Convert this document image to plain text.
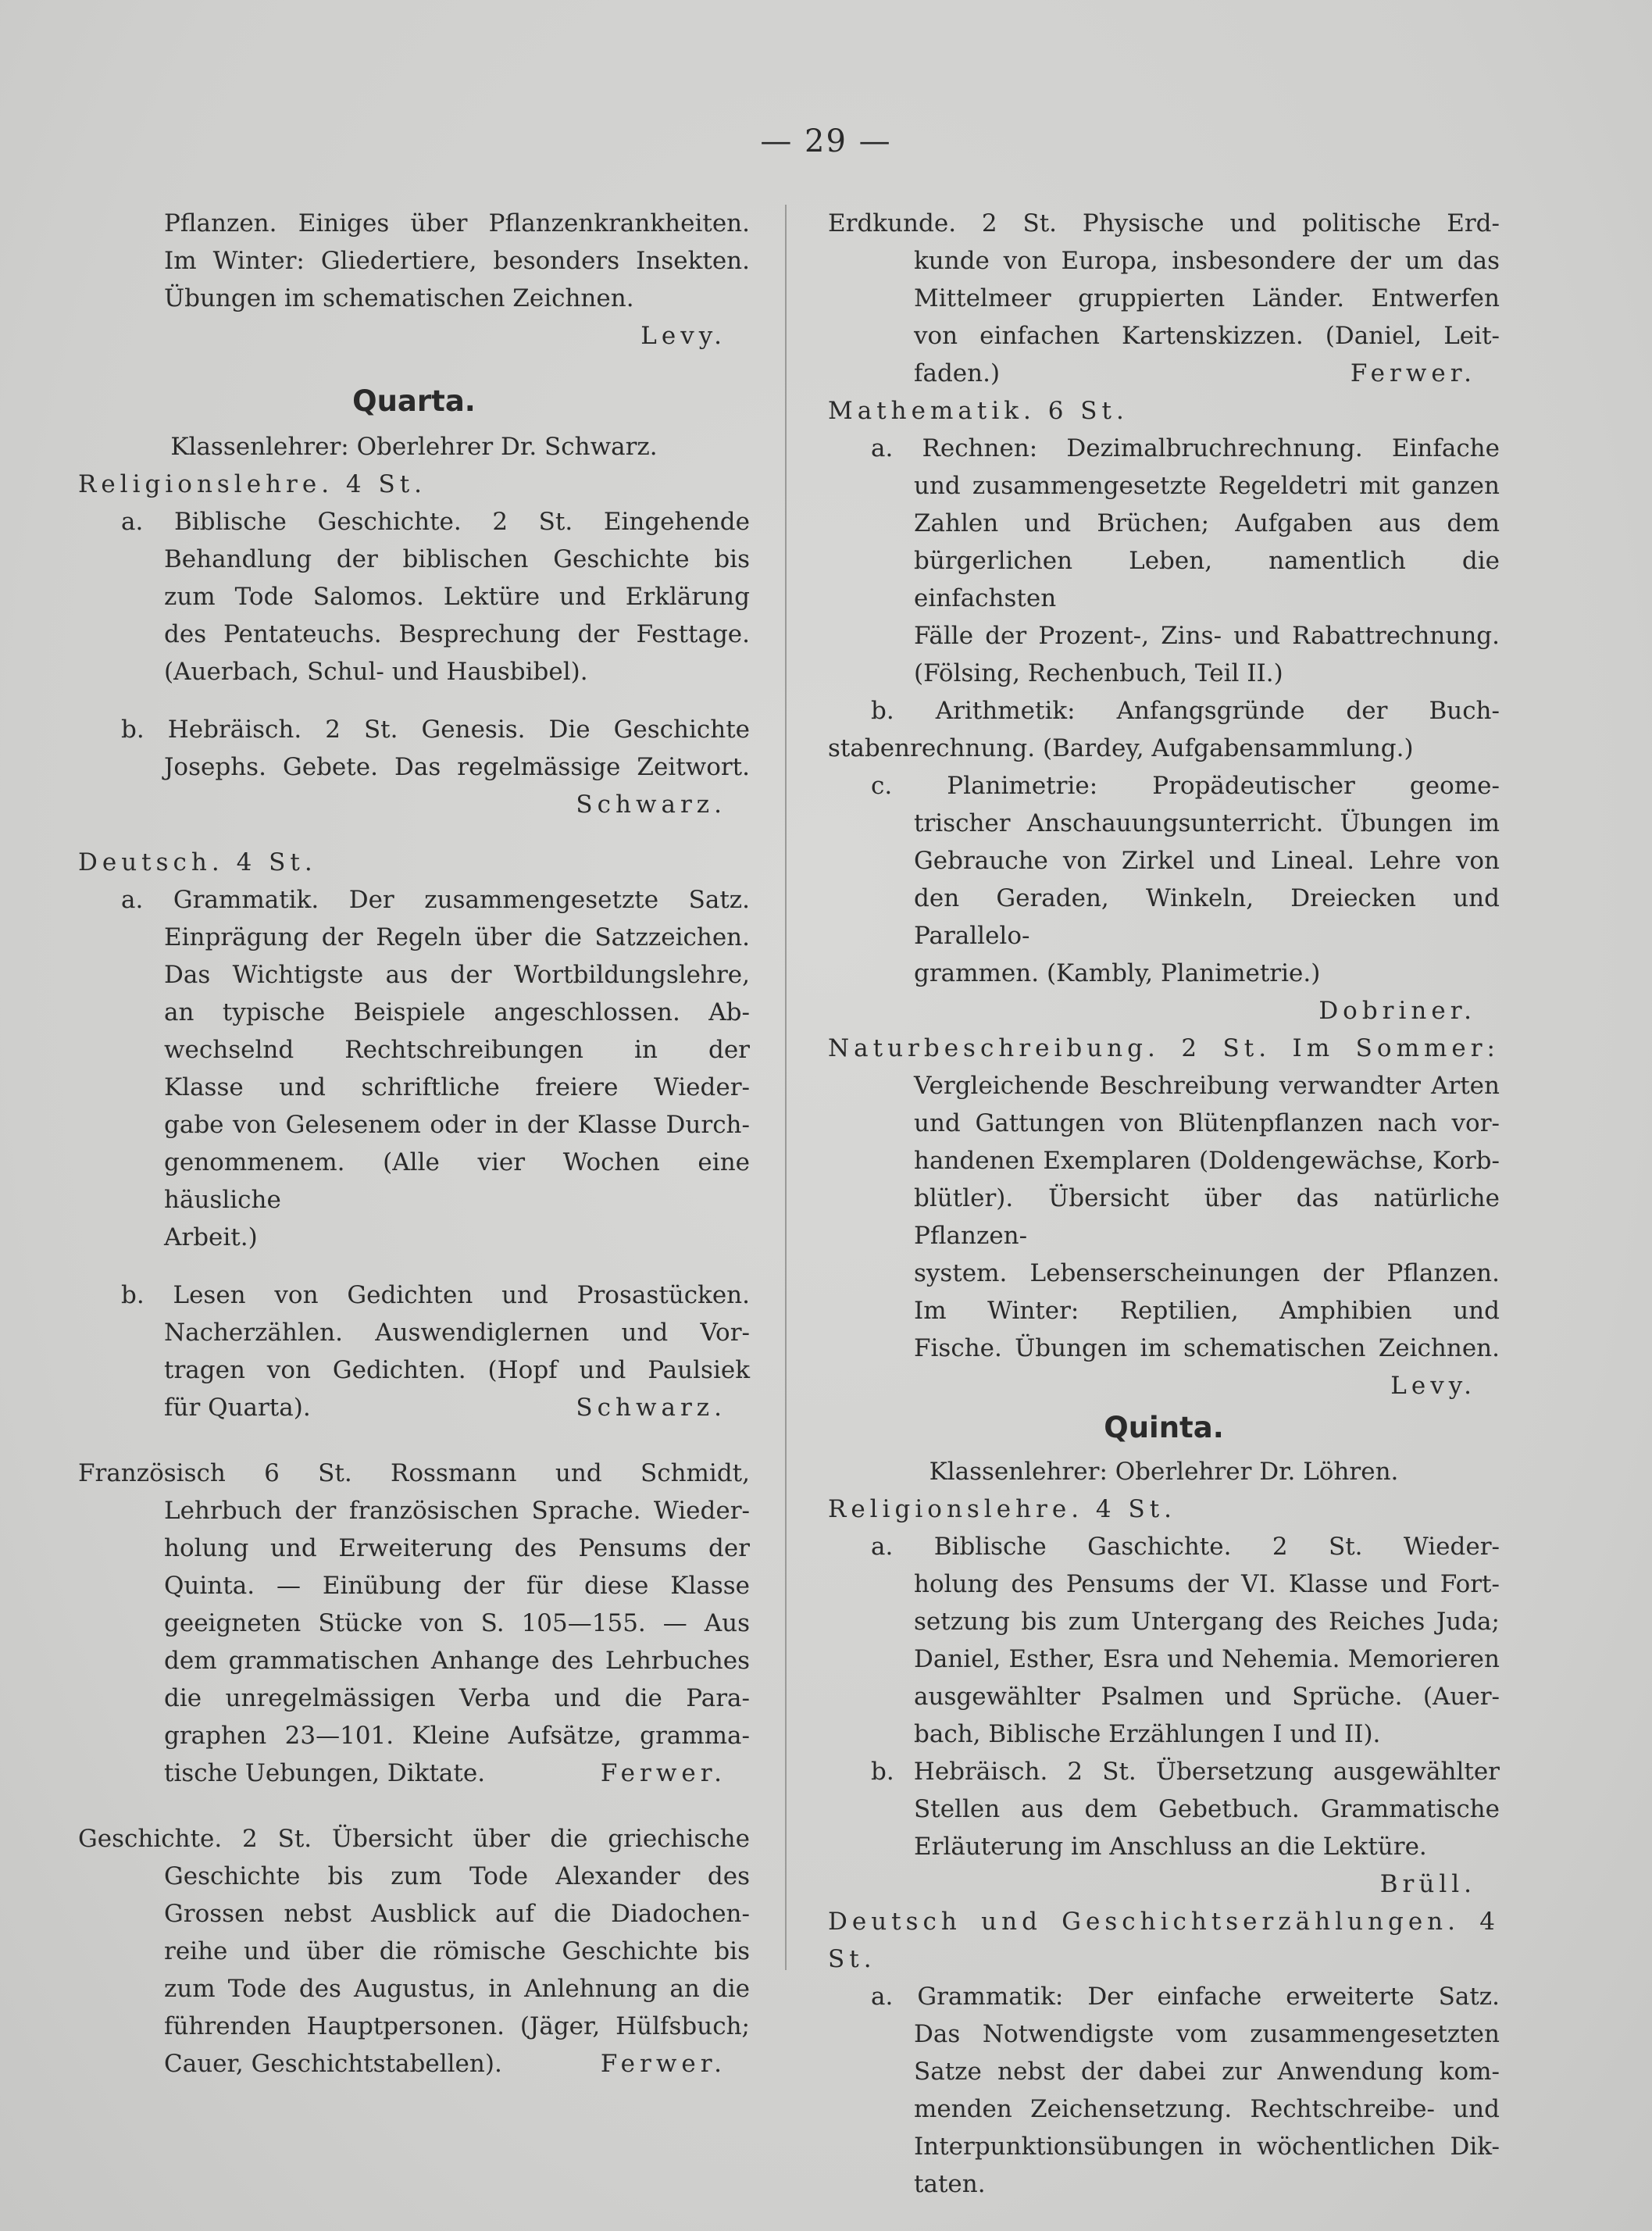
— 29 —
Pflanzen. Einiges über Pflanzenkrankheiten.
Im Winter: Gliedertiere, besonders Insekten.
Übungen im schematischen Zeichnen.
Levy.
Quarta.
Klassenlehrer: Oberlehrer Dr. Schwarz.
Religionslehre. 4 St.
a. Biblische Geschichte. 2 St. Eingehende
Behandlung der biblischen Geschichte bis
zum Tode Salomos. Lektüre und Erklärung
des Pentateuchs. Besprechung der Festtage.
(Auerbach, Schul- und Hausbibel).
b. Hebräisch. 2 St. Genesis. Die Geschichte
Josephs. Gebete. Das regelmässige Zeitwort.
Schwarz.
Deutsch. 4 St.
a. Grammatik. Der zusammengesetzte Satz.
Einprägung der Regeln über die Satzzeichen.
Das Wichtigste aus der Wortbildungslehre,
an typische Beispiele angeschlossen. Ab-
wechselnd Rechtschreibungen in der
Klasse und schriftliche freiere Wieder-
gabe von Gelesenem oder in der Klasse Durch-
genommenem. (Alle vier Wochen eine häusliche
Arbeit.)
b. Lesen von Gedichten und Prosastücken.
Nacherzählen. Auswendiglernen und Vor-
tragen von Gedichten. (Hopf und Paulsiek
für Quarta).	Schwarz.
Französisch 6 St. Rossmann und Schmidt,
Lehrbuch der französischen Sprache. Wieder-
holung und Erweiterung des Pensums der
Quinta. — Einübung der für diese Klasse
geeigneten Stücke von S. 105—155. — Aus
dem grammatischen Anhange des Lehrbuches
die unregelmässigen Verba und die Para-
graphen 23—101. Kleine Aufsätze, gramma-
tische Uebungen, Diktate.	Ferwer.
Geschichte. 2 St. Übersicht über die griechische
Geschichte bis zum Tode Alexander des
Grossen nebst Ausblick auf die Diadochen-
reihe und über die römische Geschichte bis
zum Tode des Augustus, in Anlehnung an die
führenden Hauptpersonen. (Jäger, Hülfsbuch;
Cauer, Geschichtstabellen).	Ferwer.
Erdkunde. 2 St. Physische und politische Erd-
kunde von Europa, insbesondere der um das
Mittelmeer gruppierten Länder. Entwerfen
von einfachen Kartenskizzen. (Daniel, Leit-
faden.)	Ferwer.
Mathematik. 6 St.
a. Rechnen: Dezimalbruchrechnung. Einfache
und zusammengesetzte Regeldetri mit ganzen
Zahlen und Brüchen; Aufgaben aus dem
bürgerlichen Leben, namentlich die einfachsten
Fälle der Prozent-, Zins- und Rabattrechnung.
(Fölsing, Rechenbuch, Teil II.)
b. Arithmetik: Anfangsgründe der Buch-
stabenrechnung. (Bardey, Aufgabensammlung.)
c. Planimetrie: Propädeutischer geome-
trischer Anschauungsunterricht. Übungen im
Gebrauche von Zirkel und Lineal. Lehre von
den Geraden, Winkeln, Dreiecken und Parallelo-
grammen. (Kambly, Planimetrie.)
Dobriner.
Naturbeschreibung. 2 St. Im Sommer:
Vergleichende Beschreibung verwandter Arten
und Gattungen von Blütenpflanzen nach vor-
handenen Exemplaren (Doldengewächse, Korb-
blütler). Übersicht über das natürliche Pflanzen-
system. Lebenserscheinungen der Pflanzen.
Im Winter: Reptilien, Amphibien und
Fische. Übungen im schematischen Zeichnen.
Levy.
Quinta.
Klassenlehrer: Oberlehrer Dr. Löhren.
Religionslehre. 4 St.
a. Biblische Gaschichte. 2 St. Wieder-
holung des Pensums der VI. Klasse und Fort-
setzung bis zum Untergang des Reiches Juda;
Daniel, Esther, Esra und Nehemia. Memorieren
ausgewählter Psalmen und Sprüche. (Auer-
bach, Biblische Erzählungen I und II).
b. Hebräisch. 2 St. Übersetzung ausgewählter
Stellen aus dem Gebetbuch. Grammatische
Erläuterung im Anschluss an die Lektüre.
Brüll.
Deutsch und Geschichtserzählungen. 4 St.
a. Grammatik: Der einfache erweiterte Satz.
Das Notwendigste vom zusammengesetzten
Satze nebst der dabei zur Anwendung kom-
menden Zeichensetzung. Rechtschreibe- und
Interpunktionsübungen in wöchentlichen Dik-
taten.
